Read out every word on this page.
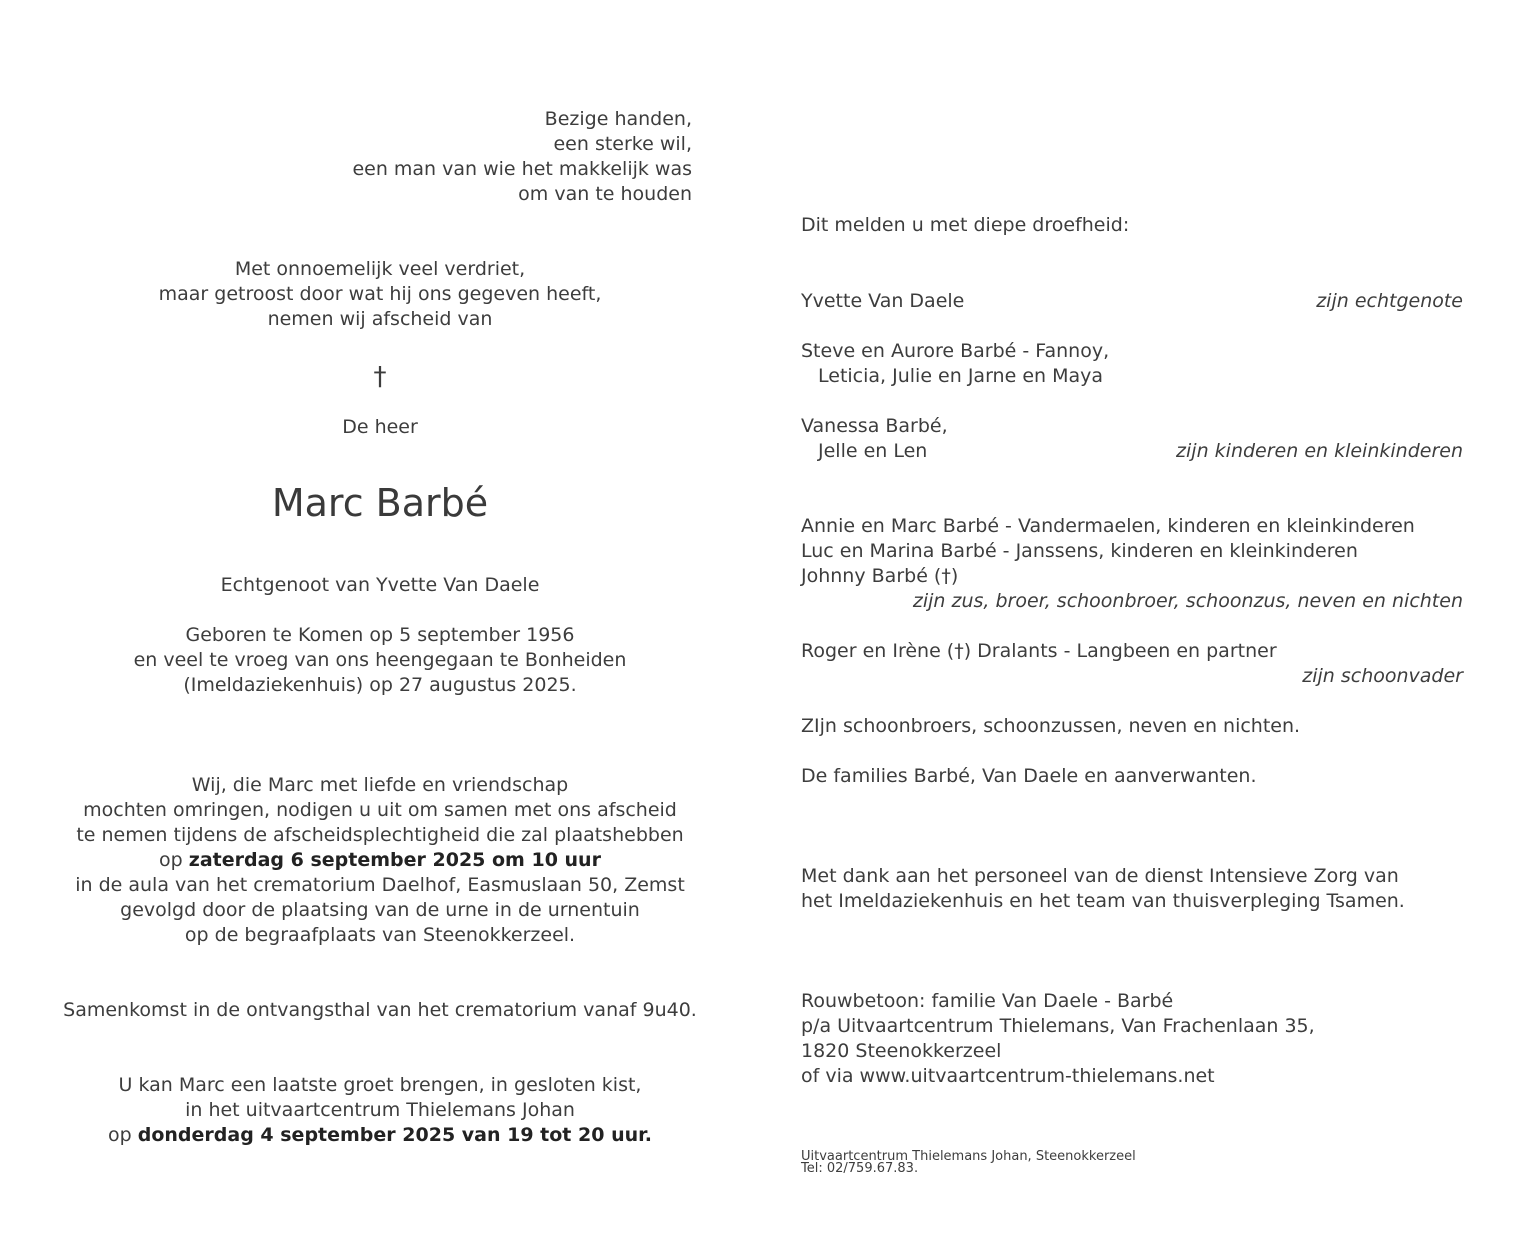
Bezige handen,
een sterke wil,
een man van wie het makkelijk was
om van te houden
Met onnoemelijk veel verdriet,
maar getroost door wat hij ons gegeven heeft,
nemen wij afscheid van
†
De heer
Marc Barbé
Echtgenoot van Yvette Van Daele
Geboren te Komen op 5 september 1956
en veel te vroeg van ons heengegaan te Bonheiden
(Imeldaziekenhuis) op 27 augustus 2025.
Wij, die Marc met liefde en vriendschap
mochten omringen, nodigen u uit om samen met ons afscheid
te nemen tijdens de afscheidsplechtigheid die zal plaatshebben
op zaterdag 6 september 2025 om 10 uur
in de aula van het crematorium Daelhof, Easmuslaan 50, Zemst
gevolgd door de plaatsing van de urne in de urnentuin
op de begraafplaats van Steenokkerzeel.
Samenkomst in de ontvangsthal van het crematorium vanaf 9u40.
U kan Marc een laatste groet brengen, in gesloten kist,
in het uitvaartcentrum Thielemans Johan
op donderdag 4 september 2025 van 19 tot 20 uur.
Dit melden u met diepe droefheid:
Yvette Van Daele	zijn echtgenote
Steve en Aurore Barbé - Fannoy,
Leticia, Julie en Jarne en Maya
Vanessa Barbé,
Jelle en Len	zijn kinderen en kleinkinderen
Annie en Marc Barbé - Vandermaelen, kinderen en kleinkinderen
Luc en Marina Barbé - Janssens, kinderen en kleinkinderen
Johnny Barbé (†)
zijn zus, broer, schoonbroer, schoonzus, neven en nichten
Roger en Irène (†) Dralants - Langbeen en partner
zijn schoonvader
ZIjn schoonbroers, schoonzussen, neven en nichten.
De families Barbé, Van Daele en aanverwanten.
Met dank aan het personeel van de dienst Intensieve Zorg van
het Imeldaziekenhuis en het team van thuisverpleging Tsamen.
Rouwbetoon: familie Van Daele - Barbé
p/a Uitvaartcentrum Thielemans, Van Frachenlaan 35,
1820 Steenokkerzeel
of via www.uitvaartcentrum-thielemans.net
Uitvaartcentrum Thielemans Johan, Steenokkerzeel
Tel: 02/759.67.83.
